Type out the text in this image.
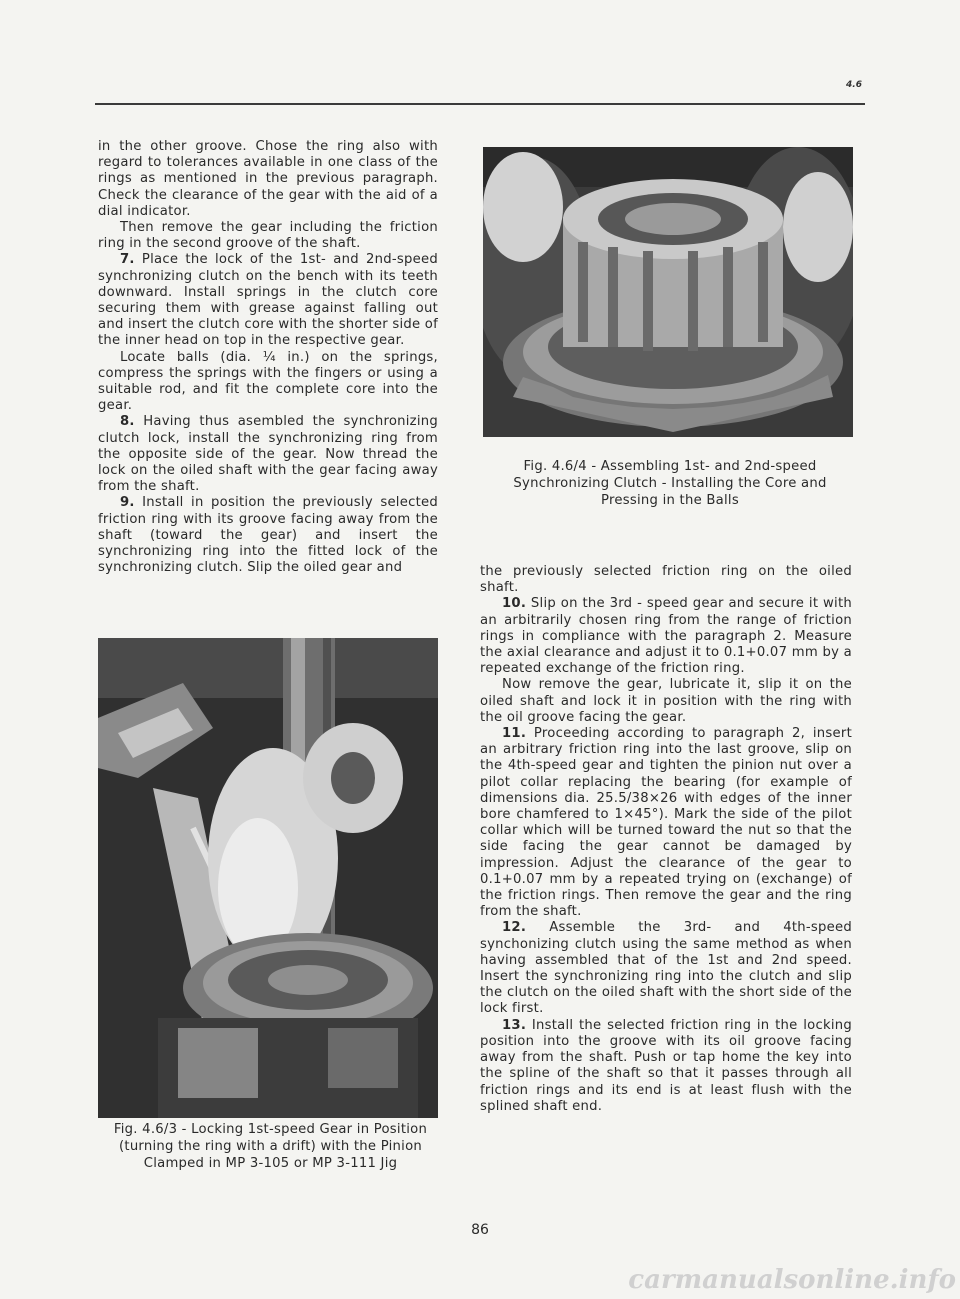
4.6

in the other groove. Chose the ring also with regard to tolerances available in one class of the rings as mentioned in the previous paragraph. Check the clearance of the gear with the aid of a dial indicator.

Then remove the gear including the friction ring in the second groove of the shaft.

7. Place the lock of the 1st- and 2nd-speed synchronizing clutch on the bench with its teeth downward. Install springs in the clutch core securing them with grease against falling out and insert the clutch core with the shorter side of the inner head on top in the respective gear.

Locate balls (dia. ¼ in.) on the springs, compress the springs with the fingers or using a suitable rod, and fit the complete core into the gear.

8. Having thus asembled the synchronizing clutch lock, install the synchronizing ring from the opposite side of the gear. Now thread the lock on the oiled shaft with the gear facing away from the shaft.

9. Install in position the previously selected friction ring with its groove facing away from the shaft (toward the gear) and insert the synchronizing ring into the fitted lock of the synchronizing clutch. Slip the oiled gear and

Fig. 4.6/3 - Locking 1st-speed Gear in Position (turning the ring with a drift) with the Pinion Clamped in MP 3-105 or MP 3-111 Jig
Fig. 4.6/4 - Assembling 1st- and 2nd-speed Synchronizing Clutch - Installing the Core and Pressing in the Balls

the previously selected friction ring on the oiled shaft.

10. Slip on the 3rd - speed gear and secure it with an arbitrarily chosen ring from the range of friction rings in compliance with the paragraph 2. Measure the axial clearance and adjust it to 0.1+0.07 mm by a repeated exchange of the friction ring.

Now remove the gear, lubricate it, slip it on the oiled shaft and lock it in position with the ring with the oil groove facing the gear.

11. Proceeding according to paragraph 2, insert an arbitrary friction ring into the last groove, slip on the 4th-speed gear and tighten the pinion nut over a pilot collar replacing the bearing (for example of dimensions dia. 25.5/38×26 with edges of the inner bore chamfered to 1×45°). Mark the side of the pilot collar which will be turned toward the nut so that the side facing the gear cannot be damaged by impression. Adjust the clearance of the gear to 0.1+0.07 mm by a repeated trying on (exchange) of the friction rings. Then remove the gear and the ring from the shaft.

12. Assemble the 3rd- and 4th-speed synchonizing clutch using the same method as when having assembled that of the 1st and 2nd speed. Insert the synchronizing ring into the clutch and slip the clutch on the oiled shaft with the short side of the lock first.

13. Install the selected friction ring in the locking position into the groove with its oil groove facing away from the shaft. Push or tap home the key into the spline of the shaft so that it passes through all friction rings and its end is at least flush with the splined shaft end.

86
carmanualsonline.info
